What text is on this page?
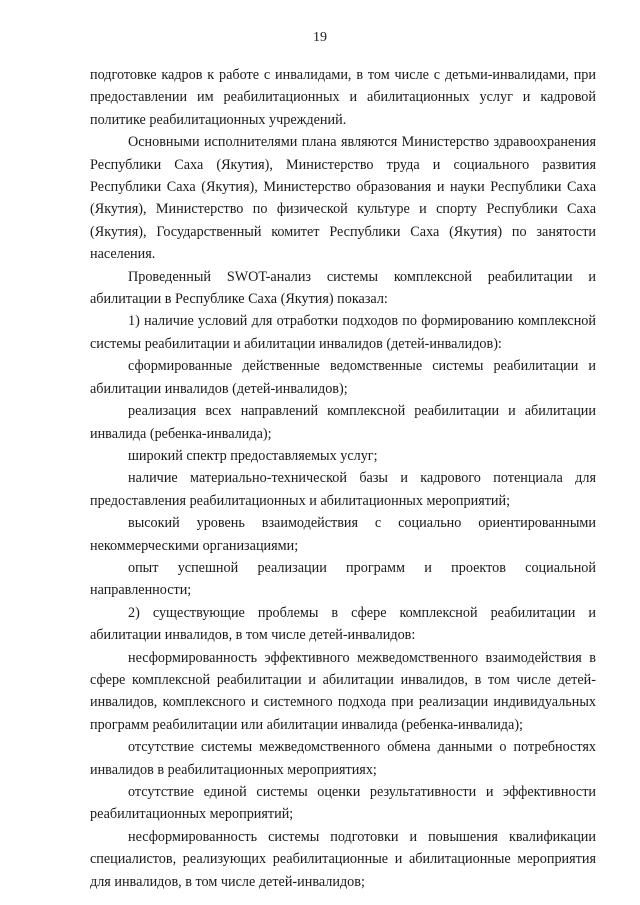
19

подготовке кадров к работе с инвалидами, в том числе с детьми-инвалидами, при предоставлении им реабилитационных и абилитационных услуг и кадровой политике реабилитационных учреждений.

Основными исполнителями плана являются Министерство здравоохранения Республики Саха (Якутия), Министерство труда и социального развития Республики Саха (Якутия), Министерство образования и науки Республики Саха (Якутия), Министерство по физической культуре и спорту Республики Саха (Якутия), Государственный комитет Республики Саха (Якутия) по занятости населения.

Проведенный SWOT-анализ системы комплексной реабилитации и абилитации в Республике Саха (Якутия) показал:

1) наличие условий для отработки подходов по формированию комплексной системы реабилитации и абилитации инвалидов (детей-инвалидов):

сформированные действенные ведомственные системы реабилитации и абилитации инвалидов (детей-инвалидов);

реализация всех направлений комплексной реабилитации и абилитации инвалида (ребенка-инвалида);

широкий спектр предоставляемых услуг;

наличие материально-технической базы и кадрового потенциала для предоставления реабилитационных и абилитационных мероприятий;

высокий уровень взаимодействия с социально ориентированными некоммерческими организациями;

опыт успешной реализации программ и проектов социальной направленности;

2) существующие проблемы в сфере комплексной реабилитации и абилитации инвалидов, в том числе детей-инвалидов:

несформированность эффективного межведомственного взаимодействия в сфере комплексной реабилитации и абилитации инвалидов, в том числе детей-инвалидов, комплексного и системного подхода при реализации индивидуальных программ реабилитации или абилитации инвалида (ребенка-инвалида);

отсутствие системы межведомственного обмена данными о потребностях инвалидов в реабилитационных мероприятиях;

отсутствие единой системы оценки результативности и эффективности реабилитационных мероприятий;

несформированность системы подготовки и повышения квалификации специалистов, реализующих реабилитационные и абилитационные мероприятия для инвалидов, в том числе детей-инвалидов;
